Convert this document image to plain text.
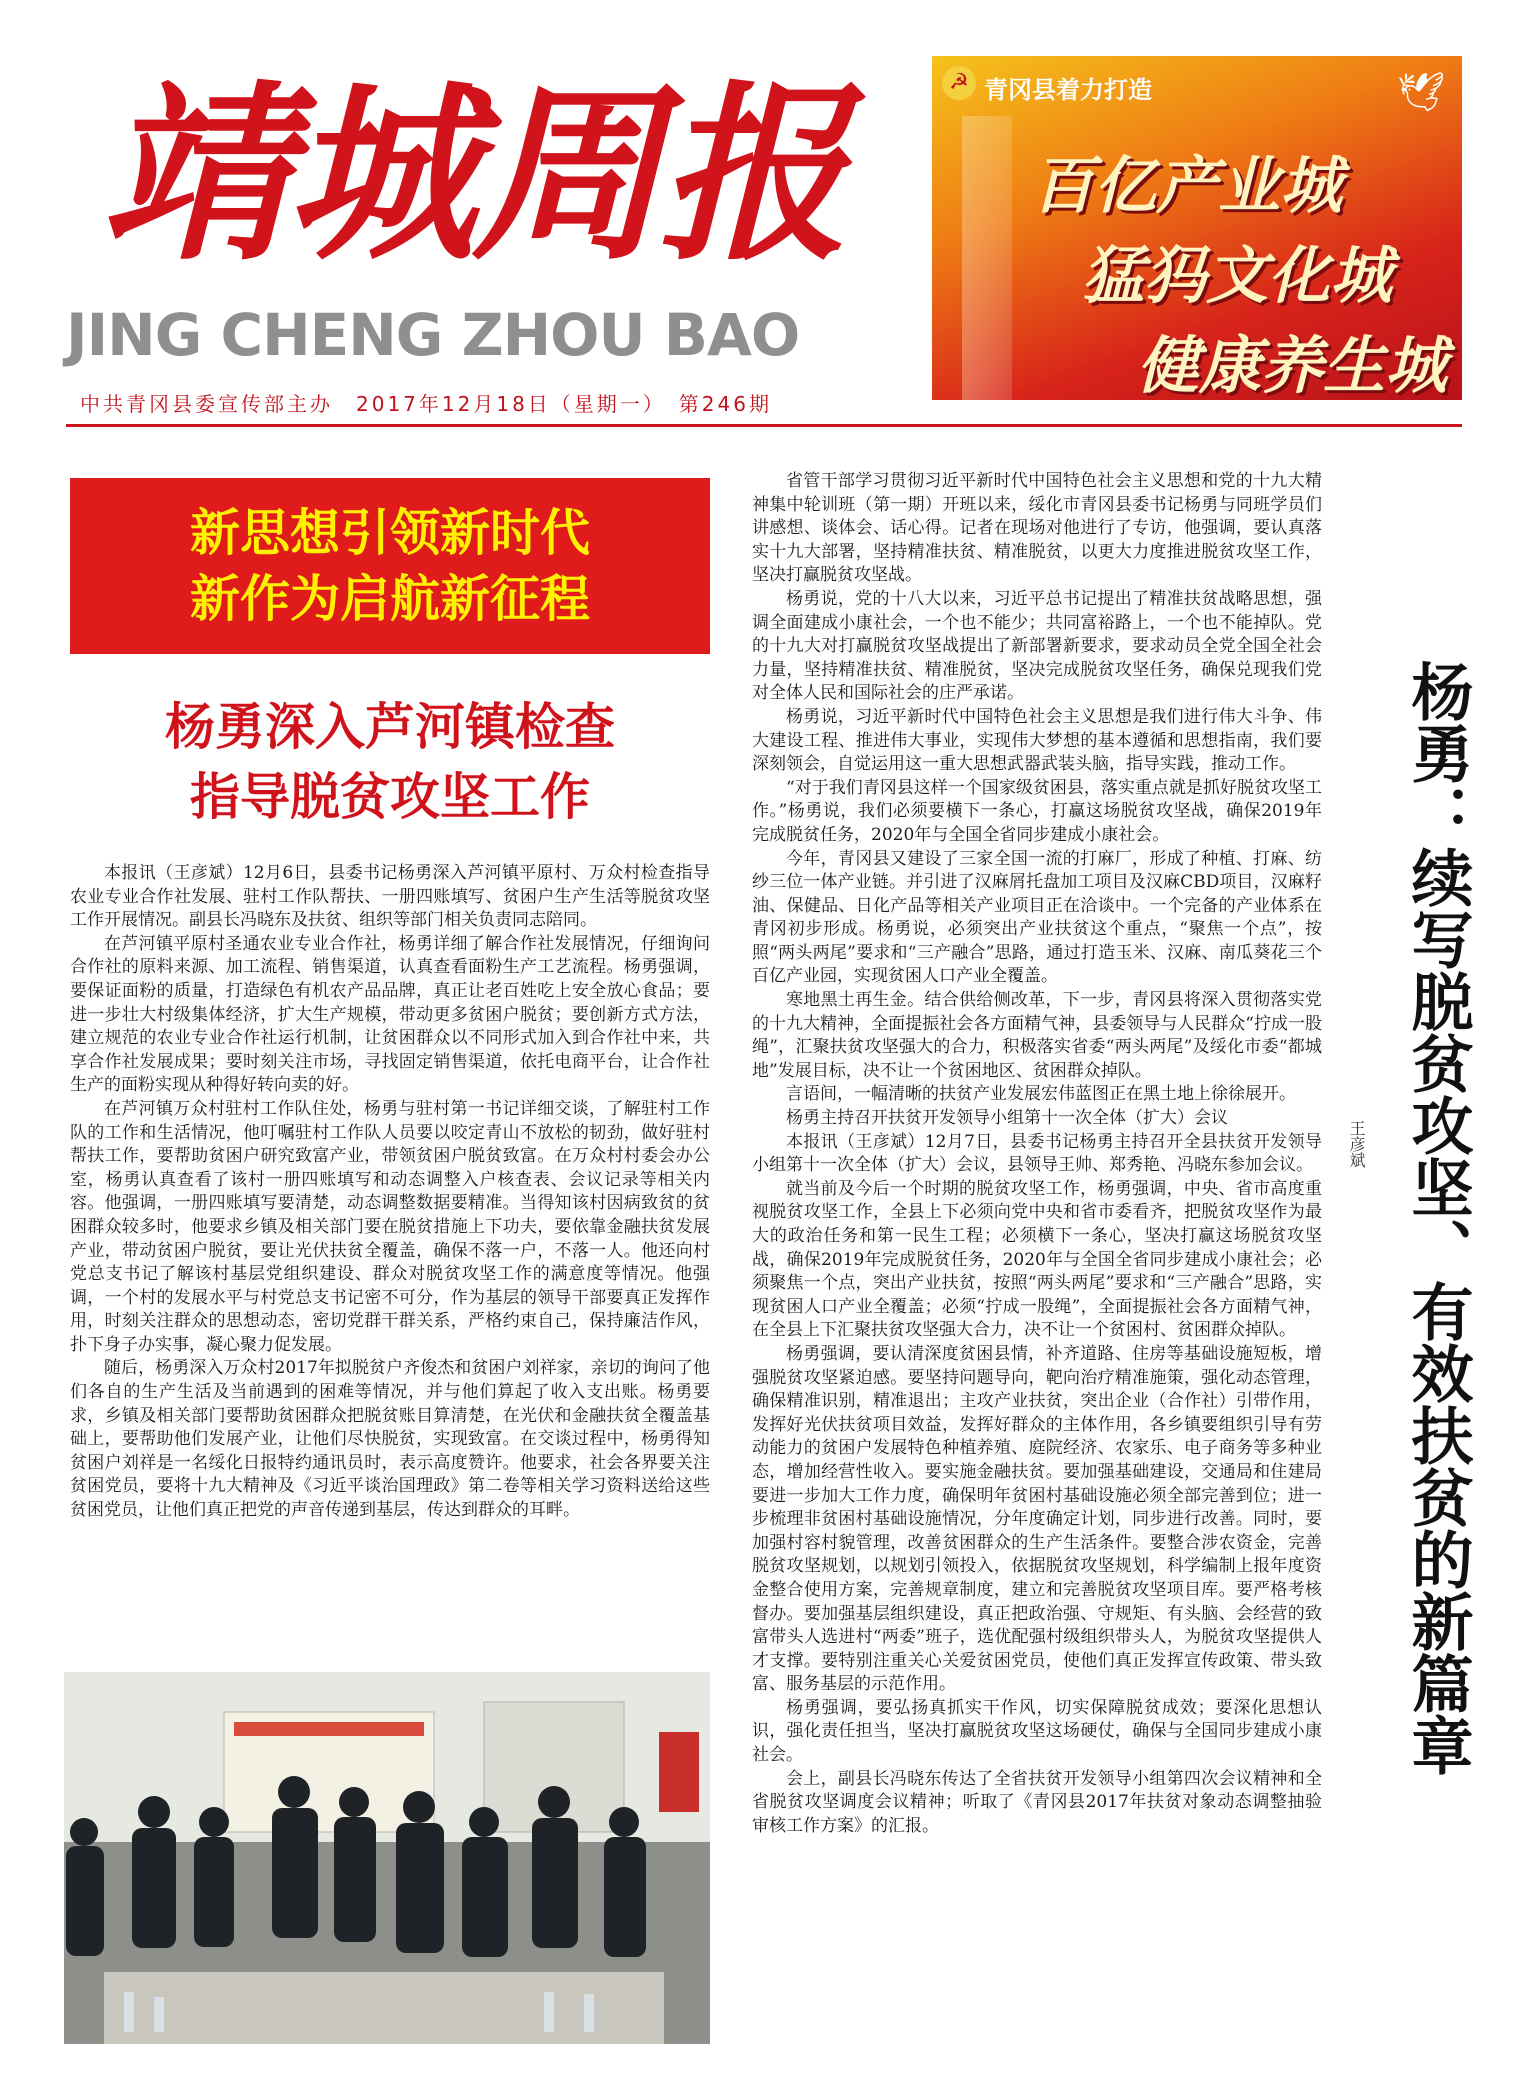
靖城周报
JING CHENG ZHOU BAO
☭ 青冈县着力打造	🕊
百亿产业城
猛犸文化城
健康养生城
中共青冈县委宣传部主办　2017年12月18日（星期一）　第246期
新思想引领新时代
新作为启航新征程
杨勇深入芦河镇检查
指导脱贫攻坚工作

本报讯（王彦斌）12月6日，县委书记杨勇深入芦河镇平原村、万众村检查指导农业专业合作社发展、驻村工作队帮扶、一册四账填写、贫困户生产生活等脱贫攻坚工作开展情况。副县长冯晓东及扶贫、组织等部门相关负责同志陪同。

在芦河镇平原村圣通农业专业合作社，杨勇详细了解合作社发展情况，仔细询问合作社的原料来源、加工流程、销售渠道，认真查看面粉生产工艺流程。杨勇强调，要保证面粉的质量，打造绿色有机农产品品牌，真正让老百姓吃上安全放心食品；要进一步壮大村级集体经济，扩大生产规模，带动更多贫困户脱贫；要创新方式方法，建立规范的农业专业合作社运行机制，让贫困群众以不同形式加入到合作社中来，共享合作社发展成果；要时刻关注市场，寻找固定销售渠道，依托电商平台，让合作社生产的面粉实现从种得好转向卖的好。

在芦河镇万众村驻村工作队住处，杨勇与驻村第一书记详细交谈，了解驻村工作队的工作和生活情况，他叮嘱驻村工作队人员要以咬定青山不放松的韧劲，做好驻村帮扶工作，要帮助贫困户研究致富产业，带领贫困户脱贫致富。在万众村村委会办公室，杨勇认真查看了该村一册四账填写和动态调整入户核查表、会议记录等相关内容。他强调，一册四账填写要清楚，动态调整数据要精准。当得知该村因病致贫的贫困群众较多时，他要求乡镇及相关部门要在脱贫措施上下功夫，要依靠金融扶贫发展产业，带动贫困户脱贫，要让光伏扶贫全覆盖，确保不落一户，不落一人。他还向村党总支书记了解该村基层党组织建设、群众对脱贫攻坚工作的满意度等情况。他强调，一个村的发展水平与村党总支书记密不可分，作为基层的领导干部要真正发挥作用，时刻关注群众的思想动态，密切党群干群关系，严格约束自己，保持廉洁作风，扑下身子办实事，凝心聚力促发展。

随后，杨勇深入万众村2017年拟脱贫户齐俊杰和贫困户刘祥家，亲切的询问了他们各自的生产生活及当前遇到的困难等情况，并与他们算起了收入支出账。杨勇要求，乡镇及相关部门要帮助贫困群众把脱贫账目算清楚，在光伏和金融扶贫全覆盖基础上，要帮助他们发展产业，让他们尽快脱贫，实现致富。在交谈过程中，杨勇得知贫困户刘祥是一名绥化日报特约通讯员时，表示高度赞许。他要求，社会各界要关注贫困党员，要将十九大精神及《习近平谈治国理政》第二卷等相关学习资料送给这些贫困党员，让他们真正把党的声音传递到基层，传达到群众的耳畔。

省管干部学习贯彻习近平新时代中国特色社会主义思想和党的十九大精神集中轮训班（第一期）开班以来，绥化市青冈县委书记杨勇与同班学员们讲感想、谈体会、话心得。记者在现场对他进行了专访，他强调，要认真落实十九大部署，坚持精准扶贫、精准脱贫，以更大力度推进脱贫攻坚工作，坚决打赢脱贫攻坚战。

杨勇说，党的十八大以来，习近平总书记提出了精准扶贫战略思想，强调全面建成小康社会，一个也不能少；共同富裕路上，一个也不能掉队。党的十九大对打赢脱贫攻坚战提出了新部署新要求，要求动员全党全国全社会力量，坚持精准扶贫、精准脱贫，坚决完成脱贫攻坚任务，确保兑现我们党对全体人民和国际社会的庄严承诺。

杨勇说，习近平新时代中国特色社会主义思想是我们进行伟大斗争、伟大建设工程、推进伟大事业，实现伟大梦想的基本遵循和思想指南，我们要深刻领会，自觉运用这一重大思想武器武装头脑，指导实践，推动工作。

“对于我们青冈县这样一个国家级贫困县，落实重点就是抓好脱贫攻坚工作。”杨勇说，我们必须要横下一条心，打赢这场脱贫攻坚战，确保2019年完成脱贫任务，2020年与全国全省同步建成小康社会。

今年，青冈县又建设了三家全国一流的打麻厂，形成了种植、打麻、纺纱三位一体产业链。并引进了汉麻屑托盘加工项目及汉麻CBD项目，汉麻籽油、保健品、日化产品等相关产业项目正在洽谈中。一个完备的产业体系在青冈初步形成。杨勇说，必须突出产业扶贫这个重点，“聚焦一个点”，按照“两头两尾”要求和“三产融合”思路，通过打造玉米、汉麻、南瓜葵花三个百亿产业园，实现贫困人口产业全覆盖。

寒地黑土再生金。结合供给侧改革，下一步，青冈县将深入贯彻落实党的十九大精神，全面提振社会各方面精气神，县委领导与人民群众“拧成一股绳”，汇聚扶贫攻坚强大的合力，积极落实省委“两头两尾”及绥化市委“都城地”发展目标，决不让一个贫困地区、贫困群众掉队。

言语间，一幅清晰的扶贫产业发展宏伟蓝图正在黑土地上徐徐展开。

杨勇主持召开扶贫开发领导小组第十一次全体（扩大）会议

本报讯（王彦斌）12月7日，县委书记杨勇主持召开全县扶贫开发领导小组第十一次全体（扩大）会议，县领导王帅、郑秀艳、冯晓东参加会议。

就当前及今后一个时期的脱贫攻坚工作，杨勇强调，中央、省市高度重视脱贫攻坚工作，全县上下必须向党中央和省市委看齐，把脱贫攻坚作为最大的政治任务和第一民生工程；必须横下一条心，坚决打赢这场脱贫攻坚战，确保2019年完成脱贫任务，2020年与全国全省同步建成小康社会；必须聚焦一个点，突出产业扶贫，按照“两头两尾”要求和“三产融合”思路，实现贫困人口产业全覆盖；必须“拧成一股绳”，全面提振社会各方面精气神，在全县上下汇聚扶贫攻坚强大合力，决不让一个贫困村、贫困群众掉队。

杨勇强调，要认清深度贫困县情，补齐道路、住房等基础设施短板，增强脱贫攻坚紧迫感。要坚持问题导向，靶向治疗精准施策，强化动态管理，确保精准识别，精准退出；主攻产业扶贫，突出企业（合作社）引带作用，发挥好光伏扶贫项目效益，发挥好群众的主体作用，各乡镇要组织引导有劳动能力的贫困户发展特色种植养殖、庭院经济、农家乐、电子商务等多种业态，增加经营性收入。要实施金融扶贫。要加强基础建设，交通局和住建局要进一步加大工作力度，确保明年贫困村基础设施必须全部完善到位；进一步梳理非贫困村基础设施情况，分年度确定计划，同步进行改善。同时，要加强村容村貌管理，改善贫困群众的生产生活条件。要整合涉农资金，完善脱贫攻坚规划，以规划引领投入，依据脱贫攻坚规划，科学编制上报年度资金整合使用方案，完善规章制度，建立和完善脱贫攻坚项目库。要严格考核督办。要加强基层组织建设，真正把政治强、守规矩、有头脑、会经营的致富带头人选进村“两委”班子，选优配强村级组织带头人，为脱贫攻坚提供人才支撑。要特别注重关心关爱贫困党员，使他们真正发挥宣传政策、带头致富、服务基层的示范作用。

杨勇强调，要弘扬真抓实干作风，切实保障脱贫成效；要深化思想认识，强化责任担当，坚决打赢脱贫攻坚这场硬仗，确保与全国同步建成小康社会。

会上，副县长冯晓东传达了全省扶贫开发领导小组第四次会议精神和全省脱贫攻坚调度会议精神；听取了《青冈县2017年扶贫对象动态调整抽验审核工作方案》的汇报。

杨勇：续写脱贫攻坚、有效扶贫的新篇章
王彦斌
